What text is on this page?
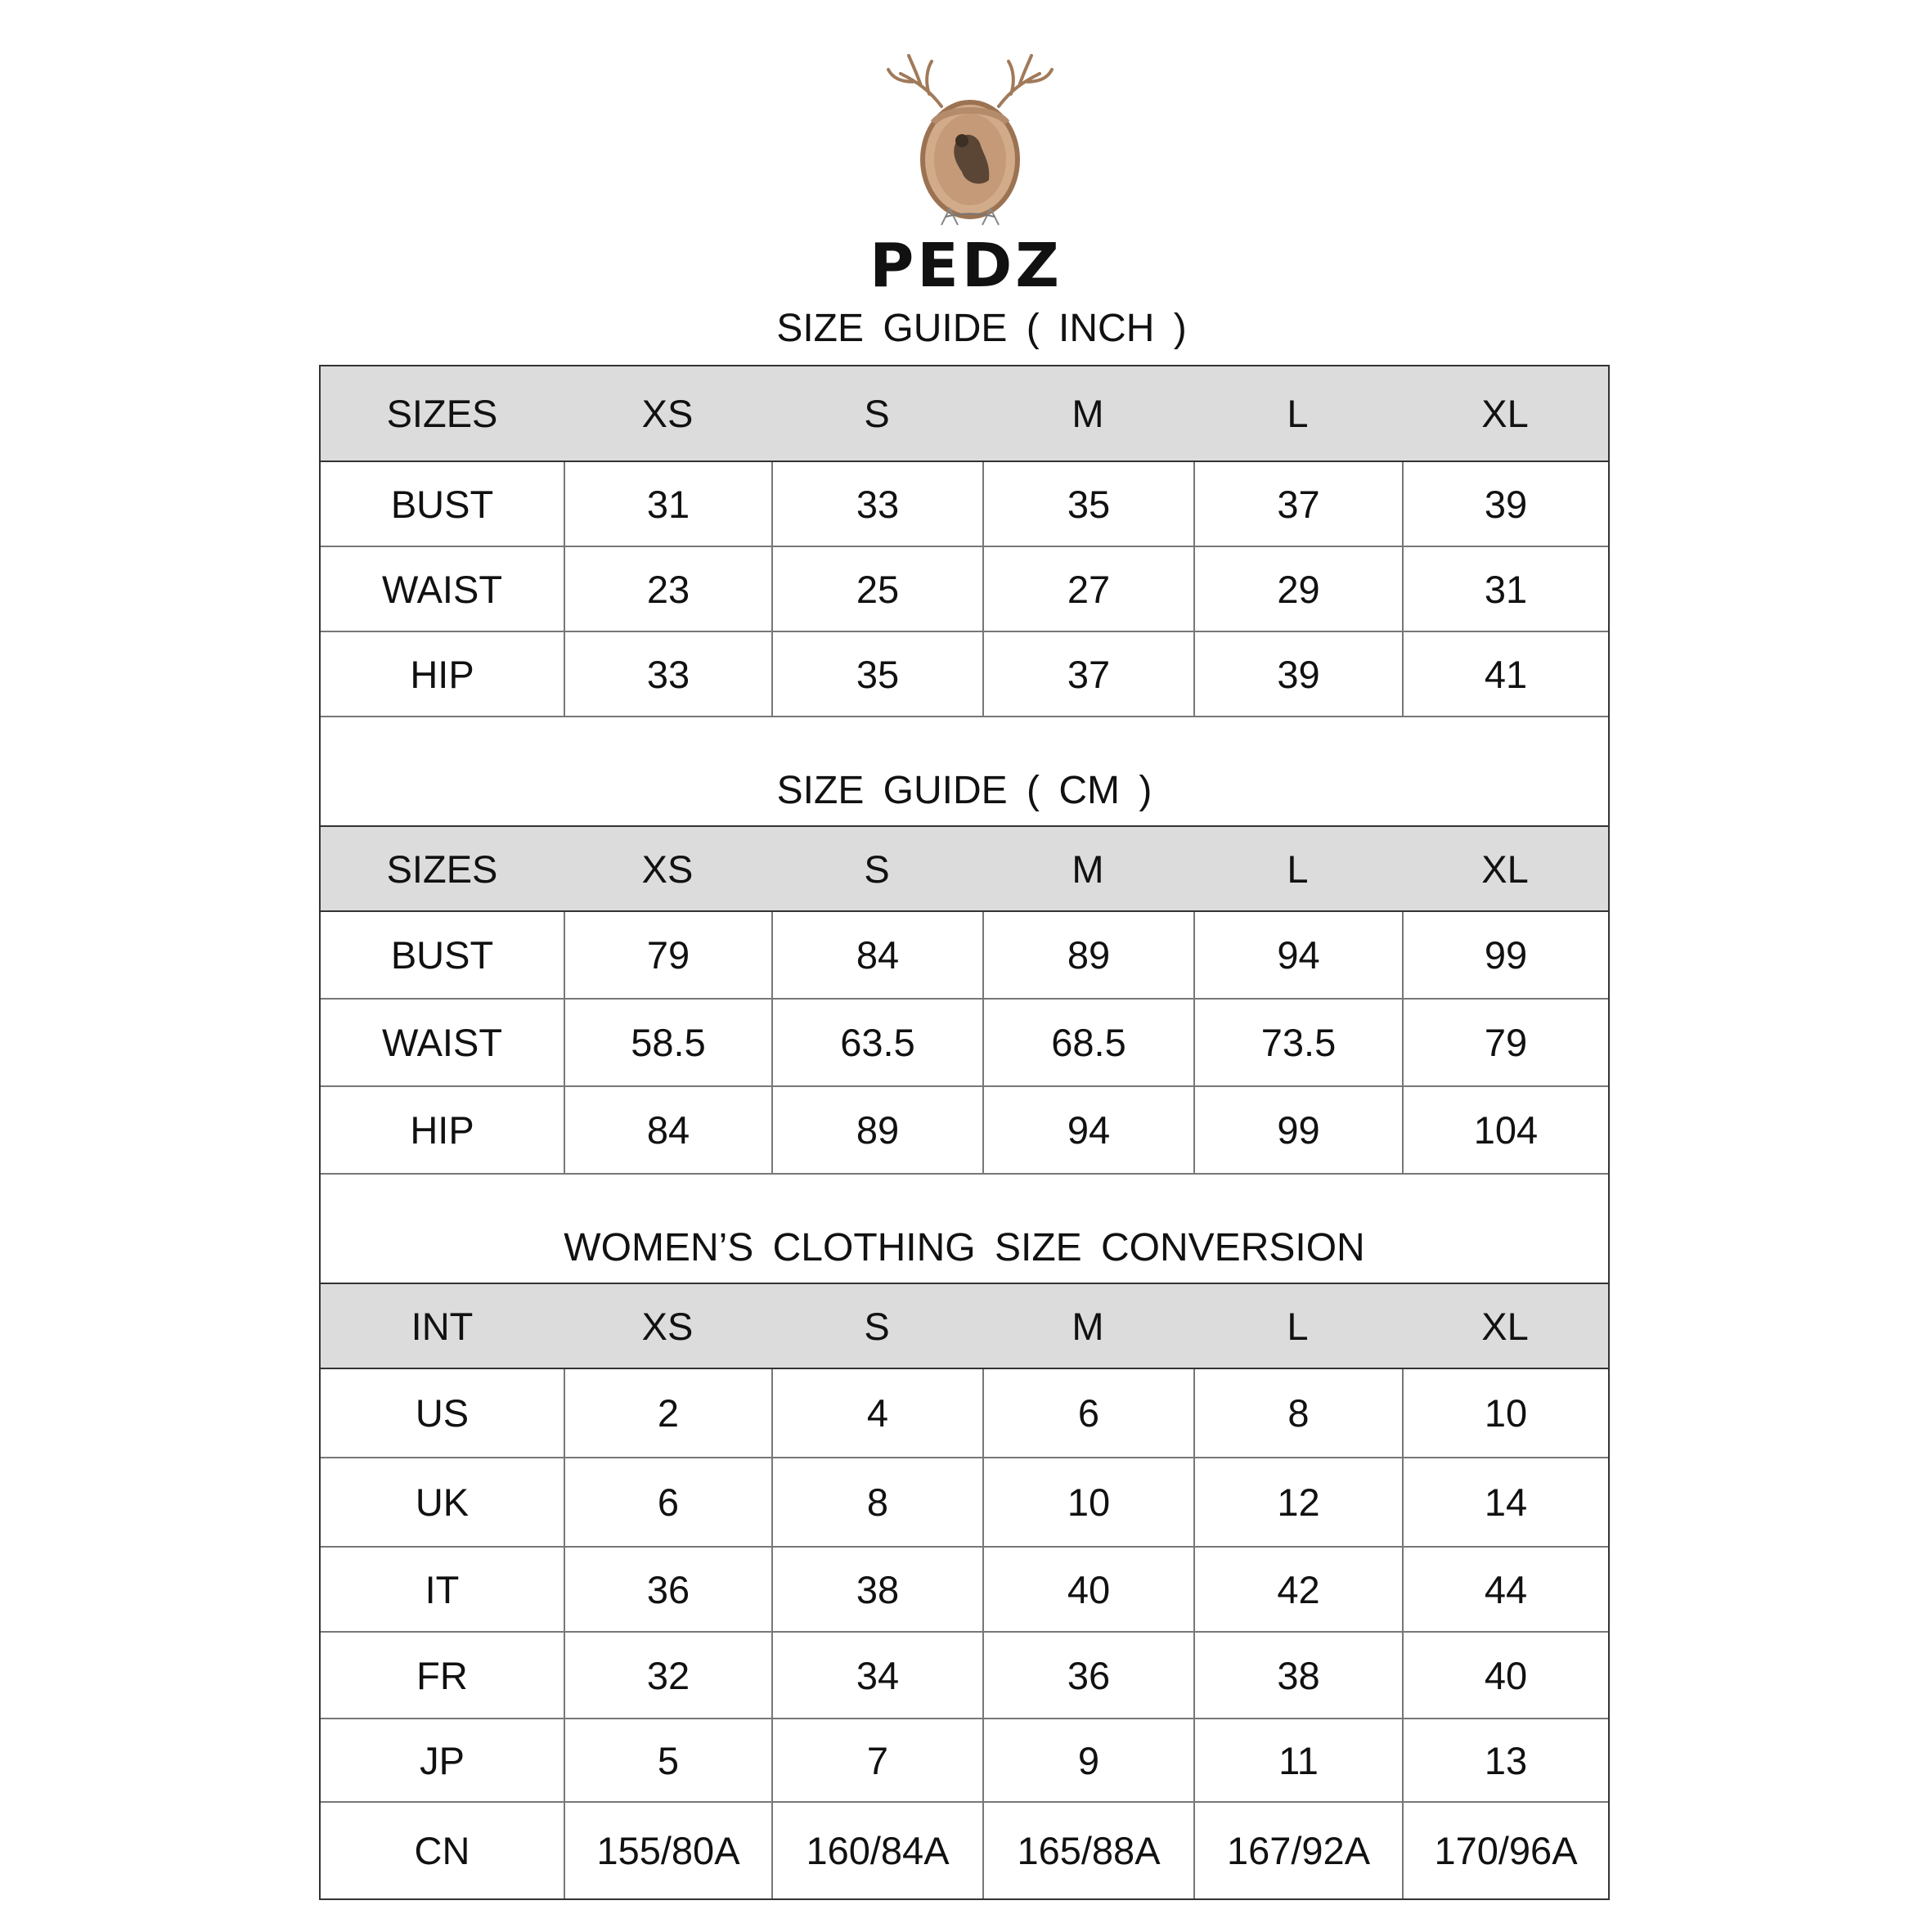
PEDZ
SIZE GUIDE ( INCH )
SIZES	XS	S	M	L	XL
BUST	31	33	35	37	39
WAIST	23	25	27	29	31
HIP	33	35	37	39	41
SIZE GUIDE ( CM )
SIZES	XS	S	M	L	XL
BUST	79	84	89	94	99
WAIST	58.5	63.5	68.5	73.5	79
HIP	84	89	94	99	104
WOMEN’S CLOTHING SIZE CONVERSION
INT	XS	S	M	L	XL
US	2	4	6	8	10
UK	6	8	10	12	14
IT	36	38	40	42	44
FR	32	34	36	38	40
JP	5	7	9	11	13
CN	155/80A	160/84A	165/88A	167/92A	170/96A
